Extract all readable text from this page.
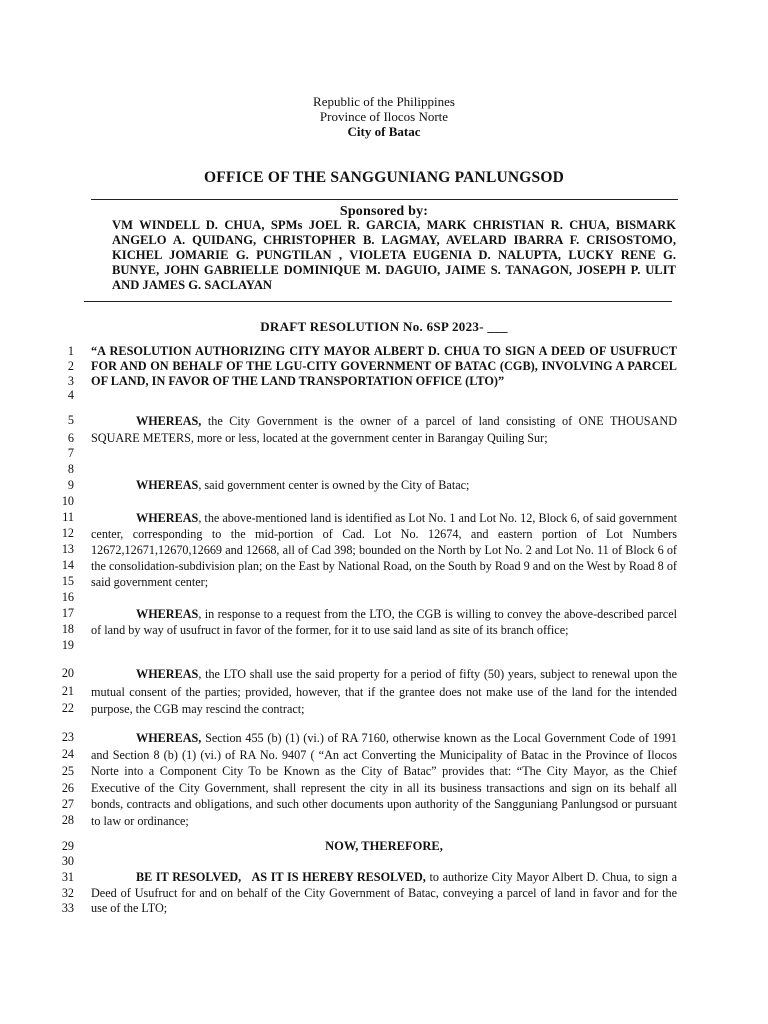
Republic of the Philippines
Province of Ilocos Norte
City of Batac
OFFICE OF THE SANGGUNIANG PANLUNGSOD
Sponsored by:
VM WINDELL D. CHUA, SPMs JOEL R. GARCIA, MARK CHRISTIAN R. CHUA, BISMARK ANGELO A. QUIDANG, CHRISTOPHER B. LAGMAY, AVELARD IBARRA F. CRISOSTOMO, KICHEL JOMARIE G. PUNGTILAN , VIOLETA EUGENIA D. NALUPTA, LUCKY RENE G. BUNYE, JOHN GABRIELLE DOMINIQUE M. DAGUIO, JAIME S. TANAGON, JOSEPH P. ULIT AND JAMES G. SACLAYAN
DRAFT RESOLUTION No. 6SP 2023- ___
1
2
3
4
5
6
7
8
9
10
11
12
13
14
15
16
17
18
19
20
21
22
23
24
25
26
27
28
29
30
31
32
33
“A RESOLUTION AUTHORIZING CITY MAYOR ALBERT D. CHUA TO SIGN A DEED OF USUFRUCT FOR AND ON BEHALF OF THE LGU-CITY GOVERNMENT OF BATAC (CGB), INVOLVING A PARCEL OF LAND, IN FAVOR OF THE LAND TRANSPORTATION OFFICE (LTO)”
WHEREAS, the City Government is the owner of a parcel of land consisting of ONE THOUSAND SQUARE METERS, more or less, located at the government center in Barangay Quiling Sur;
WHEREAS, said government center is owned by the City of Batac;
WHEREAS, the above-mentioned land is identified as Lot No. 1 and Lot No. 12, Block 6, of said government center, corresponding to the mid-portion of Cad. Lot No. 12674, and eastern portion of Lot Numbers 12672,12671,12670,12669 and 12668, all of Cad 398; bounded on the North by Lot No. 2 and Lot No. 11 of Block 6 of the consolidation-subdivision plan; on the East by National Road, on the South by Road 9 and on the West by Road 8 of said government center;
WHEREAS, in response to a request from the LTO, the CGB is willing to convey the above-described parcel of land by way of usufruct in favor of the former, for it to use said land as site of its branch office;
WHEREAS, the LTO shall use the said property for a period of fifty (50) years, subject to renewal upon the mutual consent of the parties; provided, however, that if the grantee does not make use of the land for the intended purpose, the CGB may rescind the contract;
WHEREAS, Section 455 (b) (1) (vi.) of RA 7160, otherwise known as the Local Government Code of 1991 and Section 8 (b) (1) (vi.) of RA No. 9407 ( “An act Converting the Municipality of Batac in the Province of Ilocos Norte into a Component City To be Known as the City of Batac” provides that: “The City Mayor, as the Chief Executive of the City Government, shall represent the city in all its business transactions and sign on its behalf all bonds, contracts and obligations, and such other documents upon authority of the Sangguniang Panlungsod or pursuant to law or ordinance;
NOW, THEREFORE,
BE IT RESOLVED,   AS IT IS HEREBY RESOLVED, to authorize City Mayor Albert D. Chua, to sign a Deed of Usufruct for and on behalf of the City Government of Batac, conveying a parcel of land in favor and for the use of the LTO;
